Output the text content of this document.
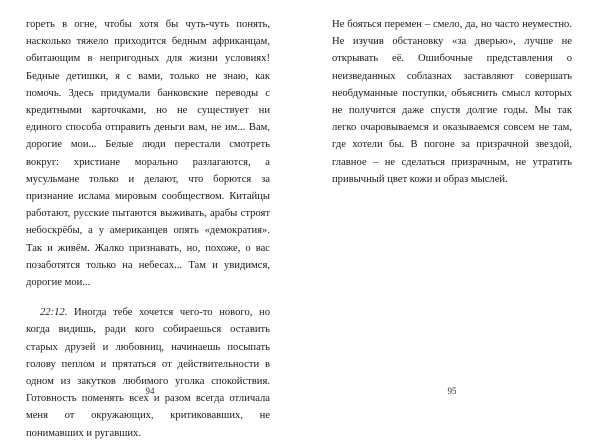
гореть в огне, чтобы хотя бы чуть-чуть понять, насколько тяжело приходится бедным африканцам, обитающим в непригодных для жизни условиях! Бедные детишки, я с вами, только не знаю, как помочь. Здесь придумали банковские переводы с кредитными карточками, но не существует ни единого способа отправить деньги вам, не им... Вам, дорогие мои... Белые люди перестали смотреть вокруг: христиане морально разлагаются, а мусульмане только и делают, что борются за признание ислама мировым сообществом. Китайцы работают, русские пытаются выживать, арабы строят небоскрёбы, а у американцев опять «демократия». Так и живём. Жалко признавать, но, похоже, о вас позаботятся только на небесах... Там и увидимся, дорогие мои...

22:12. Иногда тебе хочется чего-то нового, но когда видишь, ради кого собираешься оставить старых друзей и любовниц, начинаешь посыпать голову пеплом и прятаться от действительности в одном из закутков любимого уголка спокойствия. Готовность поменять всех и разом всегда отличала меня от окружающих, критиковавших, не понимавших и ругавших.

94

Не бояться перемен – смело, да, но часто неуместно. Не изучив обстановку «за дверью», лучше не открывать её. Ошибочные представления о неизведанных соблазнах заставляют совершать необдуманные поступки, объяснить смысл которых не получится даже спустя долгие годы. Мы так легко очаровываемся и оказываемся совсем не там, где хотели бы. В погоне за призрачной звездой, главное – не сделаться призрачным, не утратить привычный цвет кожи и образ мыслей.

95
